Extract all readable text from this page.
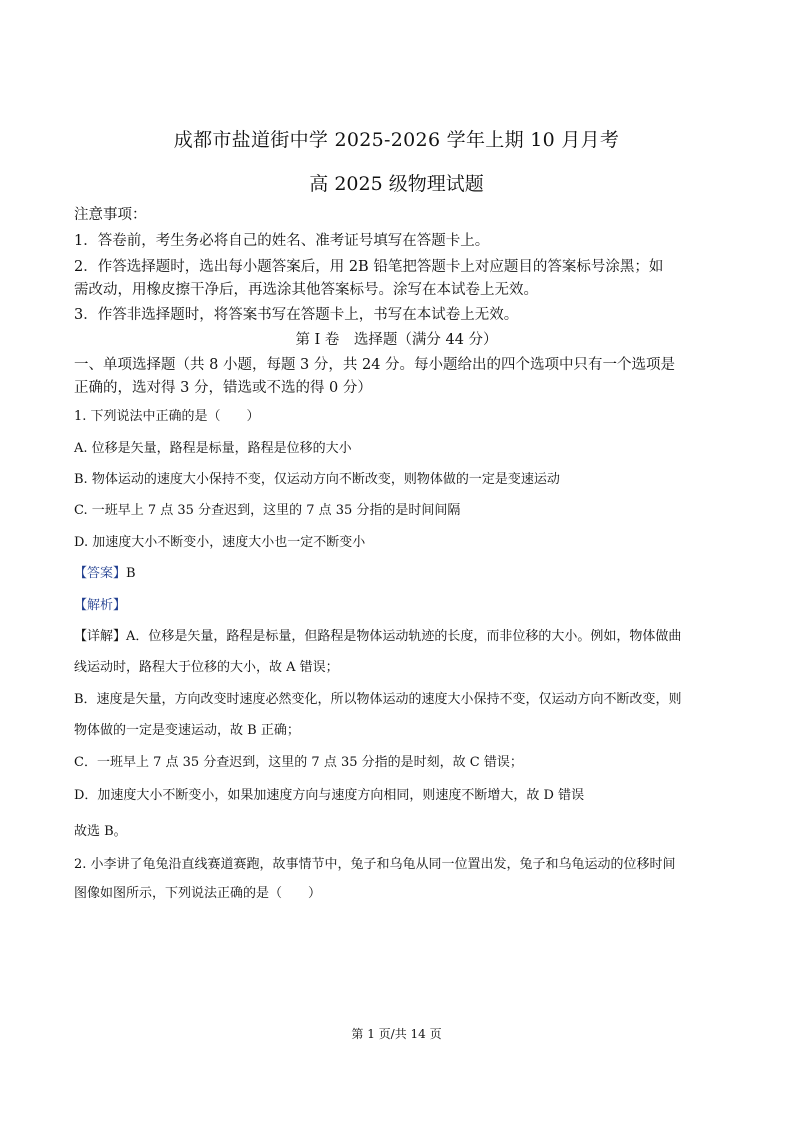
成都市盐道街中学 2025-2026 学年上期 10 月月考
高 2025 级物理试题
注意事项：
1．答卷前，考生务必将自己的姓名、准考证号填写在答题卡上。
2．作答选择题时，选出每小题答案后，用 2B 铅笔把答题卡上对应题目的答案标号涂黑；如
需改动，用橡皮擦干净后，再选涂其他答案标号。涂写在本试卷上无效。
3．作答非选择题时，将答案书写在答题卡上，书写在本试卷上无效。
第 I 卷　选择题（满分 44 分）
一、单项选择题（共 8 小题，每题 3 分，共 24 分。每小题给出的四个选项中只有一个选项是
正确的，选对得 3 分，错选或不选的得 0 分）
1. 下列说法中正确的是（　　）
A. 位移是矢量，路程是标量，路程是位移的大小
B. 物体运动的速度大小保持不变，仅运动方向不断改变，则物体做的一定是变速运动
C. 一班早上 7 点 35 分查迟到，这里的 7 点 35 分指的是时间间隔
D. 加速度大小不断变小，速度大小也一定不断变小
【答案】B
【解析】
【详解】A．位移是矢量，路程是标量，但路程是物体运动轨迹的长度，而非位移的大小。例如，物体做曲
线运动时，路程大于位移的大小，故 A 错误；
B．速度是矢量，方向改变时速度必然变化，所以物体运动的速度大小保持不变，仅运动方向不断改变，则
物体做的一定是变速运动，故 B 正确；
C．一班早上 7 点 35 分查迟到，这里的 7 点 35 分指的是时刻，故 C 错误；
D．加速度大小不断变小，如果加速度方向与速度方向相同，则速度不断增大，故 D 错误
故选 B。
2. 小李讲了龟兔沿直线赛道赛跑，故事情节中，兔子和乌龟从同一位置出发，兔子和乌龟运动的位移时间
图像如图所示，下列说法正确的是（　　）
第 1 页/共 14 页
